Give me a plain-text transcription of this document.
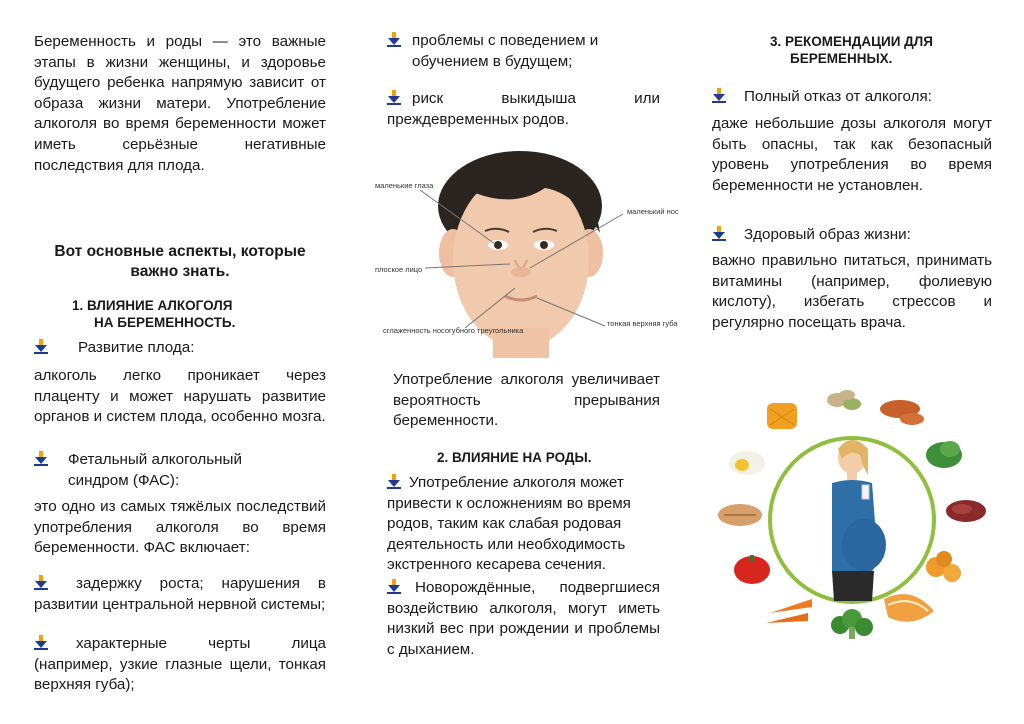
Беременность и роды — это важные этапы в жизни женщины, и здоровье будущего ребенка напрямую зависит от образа жизни матери. Употребление алкоголя во время беременности может иметь серьёзные негативные последствия для плода.

Вот основные аспекты, которые важно знать.
1. ВЛИЯНИЕ АЛКОГОЛЯ
НА БЕРЕМЕННОСТЬ.
Развитие плода:

алкоголь легко проникает через плаценту и может нарушать развитие органов и систем плода, особенно мозга.

Фетальный алкогольный синдром (ФАС):

это одно из самых тяжёлых последствий употребления алкоголя во время беременности. ФАС включает:

задержку роста; нарушения в развитии центральной нервной системы;
характерные черты лица (например, узкие глазные щели, тонкая верхняя губа);
проблемы с поведением и обучением в будущем;
риск выкидыша или преждевременных родов.
маленькие глаза
маленький нос
плоское лицо
тонкая верхняя губа
сглаженность носогубного треугольника

Употребление алкоголя увеличивает вероятность прерывания беременности.

2. ВЛИЯНИЕ НА РОДЫ.
Употребление алкоголя может привести к осложнениям во время родов, таким как слабая родовая деятельность или необходимость экстренного кесарева сечения.
Новорождённые, подвергшиеся воздействию алкоголя, могут иметь низкий вес при рождении и проблемы с дыханием.
3. РЕКОМЕНДАЦИИ ДЛЯ
БЕРЕМЕННЫХ.
Полный отказ от алкоголя:

даже небольшие дозы алкоголя могут быть опасны, так как безопасный уровень употребления во время беременности не установлен.

Здоровый образ жизни:

важно правильно питаться, принимать витамины (например, фолиевую кислоту), избегать стрессов и регулярно посещать врача.
